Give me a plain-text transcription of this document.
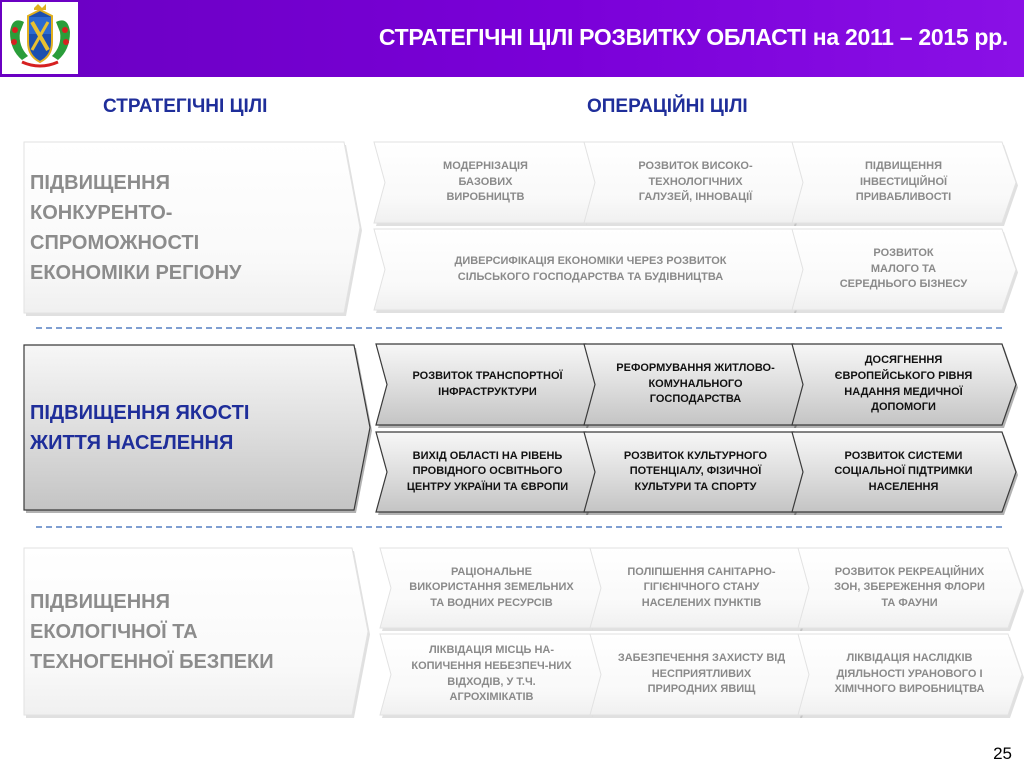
СТРАТЕГІЧНІ ЦІЛІ РОЗВИТКУ ОБЛАСТІ на 2011 – 2015 рр.
СТРАТЕГІЧНІ ЦІЛІ	ОПЕРАЦІЙНІ ЦІЛІ
25
ПІДВИЩЕННЯ
КОНКУРЕНТО-
СПРОМОЖНОСТІ
ЕКОНОМІКИ РЕГІОНУ
МОДЕРНІЗАЦІЯ
БАЗОВИХ
ВИРОБНИЦТВ
РОЗВИТОК ВИСОКО-
ТЕХНОЛОГІЧНИХ
ГАЛУЗЕЙ, ІННОВАЦІЇ
ПІДВИЩЕННЯ
ІНВЕСТИЦІЙНОЇ
ПРИВАБЛИВОСТІ
ДИВЕРСИФІКАЦІЯ ЕКОНОМІКИ ЧЕРЕЗ РОЗВИТОК
СІЛЬСЬКОГО ГОСПОДАРСТВА ТА БУДІВНИЦТВА
РОЗВИТОК
МАЛОГО ТА
СЕРЕДНЬОГО БІЗНЕСУ
ПІДВИЩЕННЯ ЯКОСТІ
ЖИТТЯ НАСЕЛЕННЯ
РОЗВИТОК ТРАНСПОРТНОЇ
ІНФРАСТРУКТУРИ
РЕФОРМУВАННЯ ЖИТЛОВО-
КОМУНАЛЬНОГО
ГОСПОДАРСТВА
ДОСЯГНЕННЯ
ЄВРОПЕЙСЬКОГО РІВНЯ
НАДАННЯ МЕДИЧНОЇ
ДОПОМОГИ
ВИХІД ОБЛАСТІ НА РІВЕНЬ
ПРОВІДНОГО ОСВІТНЬОГО
ЦЕНТРУ УКРАЇНИ ТА ЄВРОПИ
РОЗВИТОК КУЛЬТУРНОГО
ПОТЕНЦІАЛУ, ФІЗИЧНОЇ
КУЛЬТУРИ ТА СПОРТУ
РОЗВИТОК СИСТЕМИ
СОЦІАЛЬНОЇ ПІДТРИМКИ
НАСЕЛЕННЯ
ПІДВИЩЕННЯ
ЕКОЛОГІЧНОЇ ТА
ТЕХНОГЕННОЇ БЕЗПЕКИ
РАЦІОНАЛЬНЕ
ВИКОРИСТАННЯ ЗЕМЕЛЬНИХ
ТА ВОДНИХ РЕСУРСІВ
ПОЛІПШЕННЯ САНІТАРНО-
ГІГІЄНІЧНОГО СТАНУ
НАСЕЛЕНИХ ПУНКТІВ
РОЗВИТОК РЕКРЕАЦІЙНИХ
ЗОН, ЗБЕРЕЖЕННЯ ФЛОРИ
ТА ФАУНИ
ЛІКВІДАЦІЯ МІСЦЬ НА-
КОПИЧЕННЯ НЕБЕЗПЕЧ-НИХ
ВІДХОДІВ, У Т.Ч.
АГРОХІМІКАТІВ
ЗАБЕЗПЕЧЕННЯ ЗАХИСТУ ВІД
НЕСПРИЯТЛИВИХ
ПРИРОДНИХ ЯВИЩ
ЛІКВІДАЦІЯ НАСЛІДКІВ
ДІЯЛЬНОСТІ УРАНОВОГО І
ХІМІЧНОГО ВИРОБНИЦТВА
